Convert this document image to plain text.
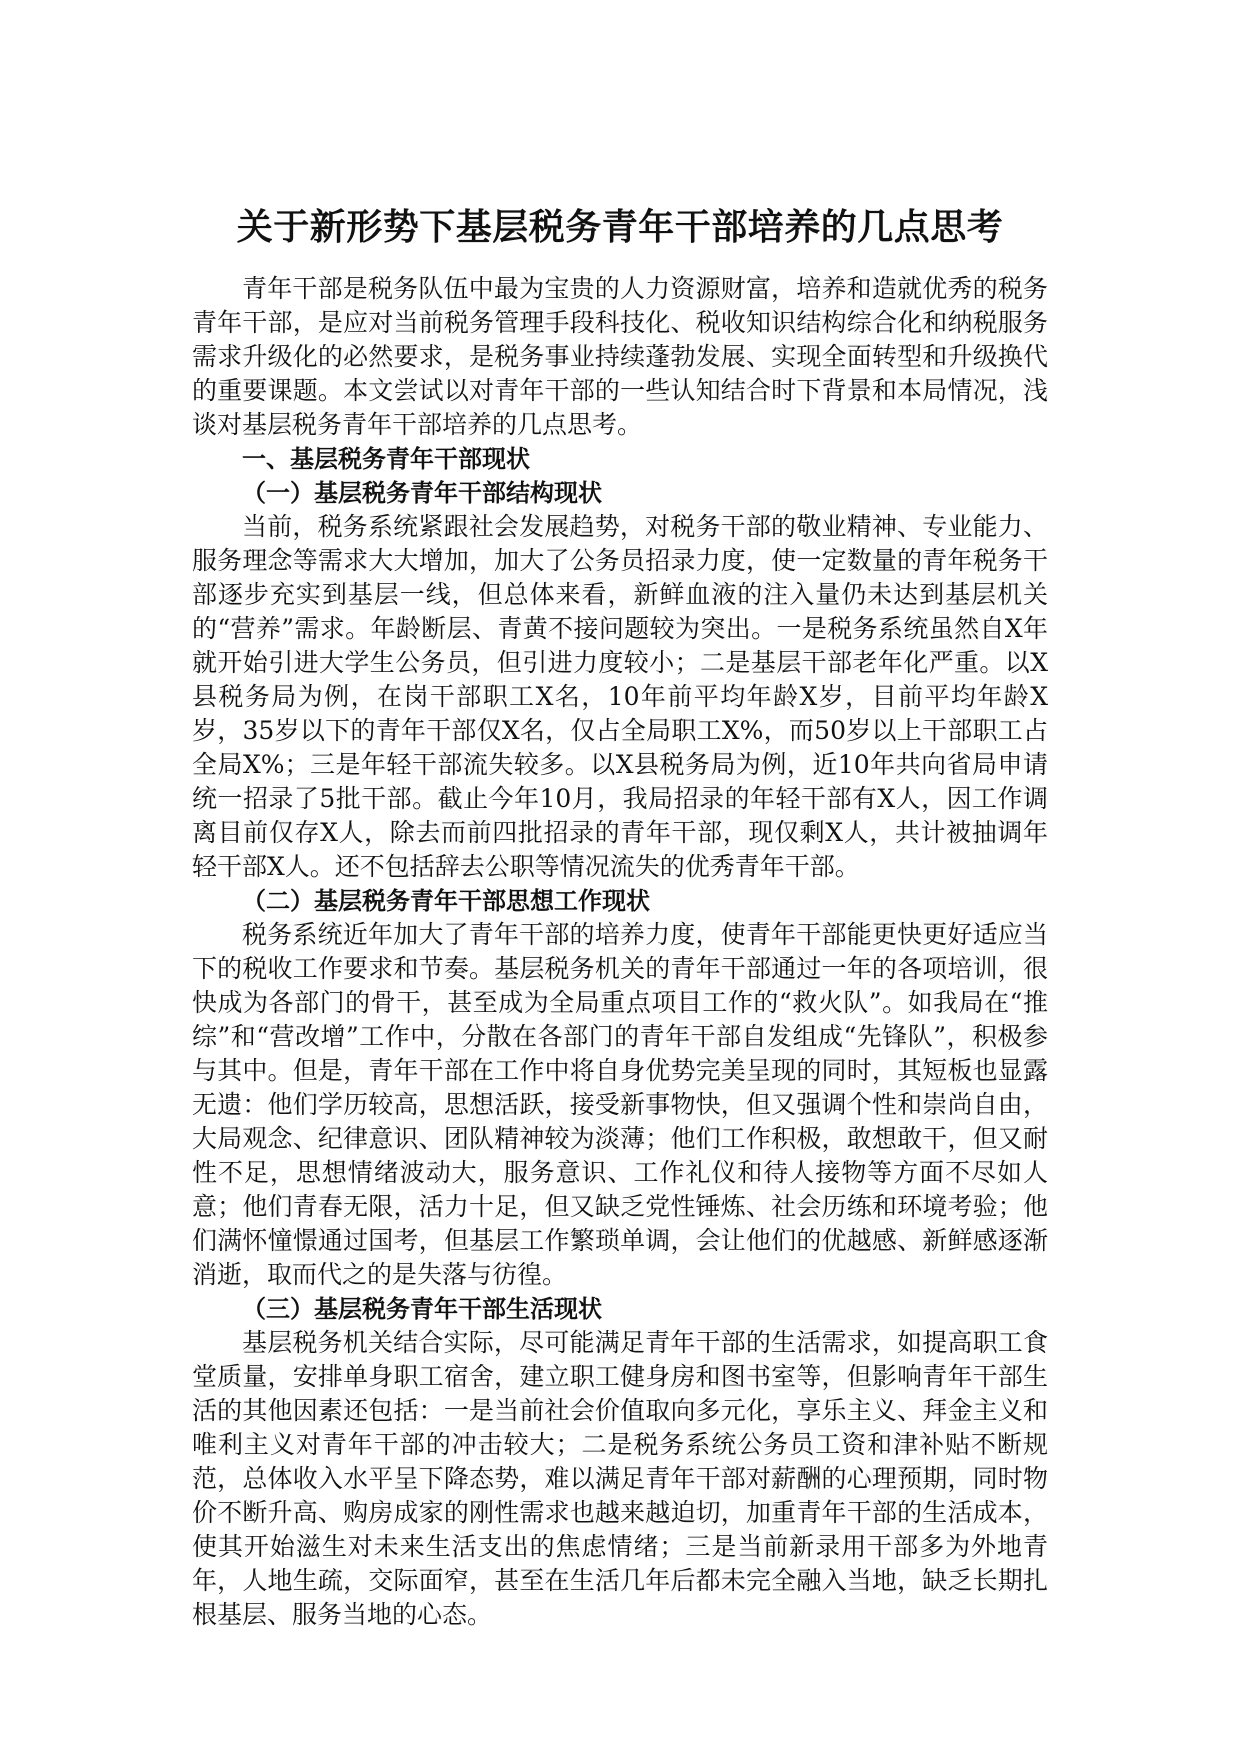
关于新形势下基层税务青年干部培养的几点思考

青年干部是税务队伍中最为宝贵的人力资源财富，培养和造就优秀的税务青年干部，是应对当前税务管理手段科技化、税收知识结构综合化和纳税服务需求升级化的必然要求，是税务事业持续蓬勃发展、实现全面转型和升级换代的重要课题。本文尝试以对青年干部的一些认知结合时下背景和本局情况，浅谈对基层税务青年干部培养的几点思考。

一、基层税务青年干部现状

（一）基层税务青年干部结构现状

当前，税务系统紧跟社会发展趋势，对税务干部的敬业精神、专业能力、服务理念等需求大大增加，加大了公务员招录力度，使一定数量的青年税务干部逐步充实到基层一线，但总体来看，新鲜血液的注入量仍未达到基层机关的“营养”需求。年龄断层、青黄不接问题较为突出。一是税务系统虽然自X年就开始引进大学生公务员，但引进力度较小；二是基层干部老年化严重。以X县税务局为例，在岗干部职工X名，10年前平均年龄X岁，目前平均年龄X岁，35岁以下的青年干部仅X名，仅占全局职工X%，而50岁以上干部职工占全局X%；三是年轻干部流失较多。以X县税务局为例，近10年共向省局申请统一招录了5批干部。截止今年10月，我局招录的年轻干部有X人，因工作调离目前仅存X人，除去而前四批招录的青年干部，现仅剩X人，共计被抽调年轻干部X人。还不包括辞去公职等情况流失的优秀青年干部。

（二）基层税务青年干部思想工作现状

税务系统近年加大了青年干部的培养力度，使青年干部能更快更好适应当下的税收工作要求和节奏。基层税务机关的青年干部通过一年的各项培训，很快成为各部门的骨干，甚至成为全局重点项目工作的“救火队”。如我局在“推综”和“营改增”工作中，分散在各部门的青年干部自发组成“先锋队”，积极参与其中。但是，青年干部在工作中将自身优势完美呈现的同时，其短板也显露无遗：他们学历较高，思想活跃，接受新事物快，但又强调个性和崇尚自由，大局观念、纪律意识、团队精神较为淡薄；他们工作积极，敢想敢干，但又耐性不足，思想情绪波动大，服务意识、工作礼仪和待人接物等方面不尽如人意；他们青春无限，活力十足，但又缺乏党性锤炼、社会历练和环境考验；他们满怀憧憬通过国考，但基层工作繁琐单调，会让他们的优越感、新鲜感逐渐消逝，取而代之的是失落与彷徨。

（三）基层税务青年干部生活现状

基层税务机关结合实际，尽可能满足青年干部的生活需求，如提高职工食堂质量，安排单身职工宿舍，建立职工健身房和图书室等，但影响青年干部生活的其他因素还包括：一是当前社会价值取向多元化，享乐主义、拜金主义和唯利主义对青年干部的冲击较大；二是税务系统公务员工资和津补贴不断规范，总体收入水平呈下降态势，难以满足青年干部对薪酬的心理预期，同时物价不断升高、购房成家的刚性需求也越来越迫切，加重青年干部的生活成本，使其开始滋生对未来生活支出的焦虑情绪；三是当前新录用干部多为外地青年，人地生疏，交际面窄，甚至在生活几年后都未完全融入当地，缺乏长期扎根基层、服务当地的心态。
